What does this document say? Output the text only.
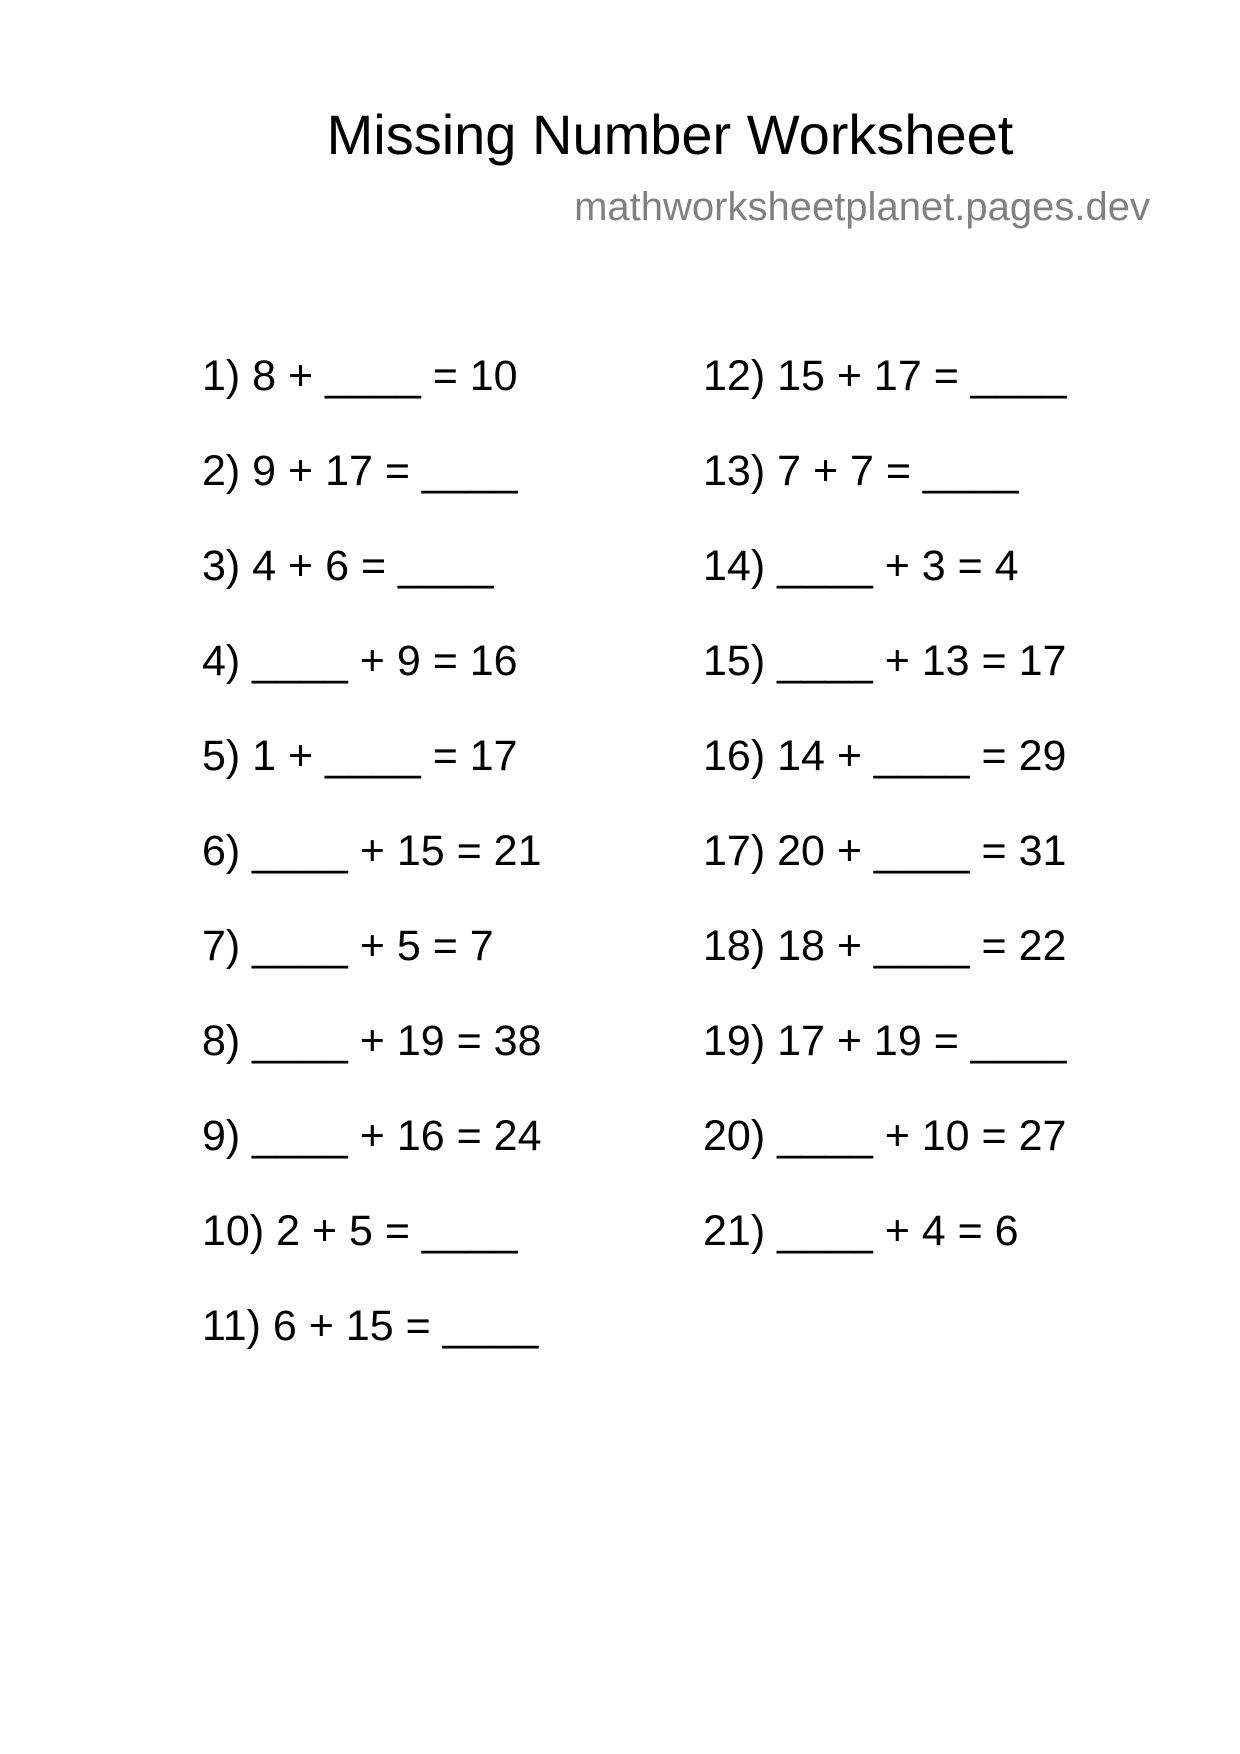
Missing Number Worksheet
mathworksheetplanet.pages.dev
1) 8 + ____ = 10
2) 9 + 17 = ____
3) 4 + 6 = ____
4) ____ + 9 = 16
5) 1 + ____ = 17
6) ____ + 15 = 21
7) ____ + 5 = 7
8) ____ + 19 = 38
9) ____ + 16 = 24
10) 2 + 5 = ____
11) 6 + 15 = ____
12) 15 + 17 = ____
13) 7 + 7 = ____
14) ____ + 3 = 4
15) ____ + 13 = 17
16) 14 + ____ = 29
17) 20 + ____ = 31
18) 18 + ____ = 22
19) 17 + 19 = ____
20) ____ + 10 = 27
21) ____ + 4 = 6
